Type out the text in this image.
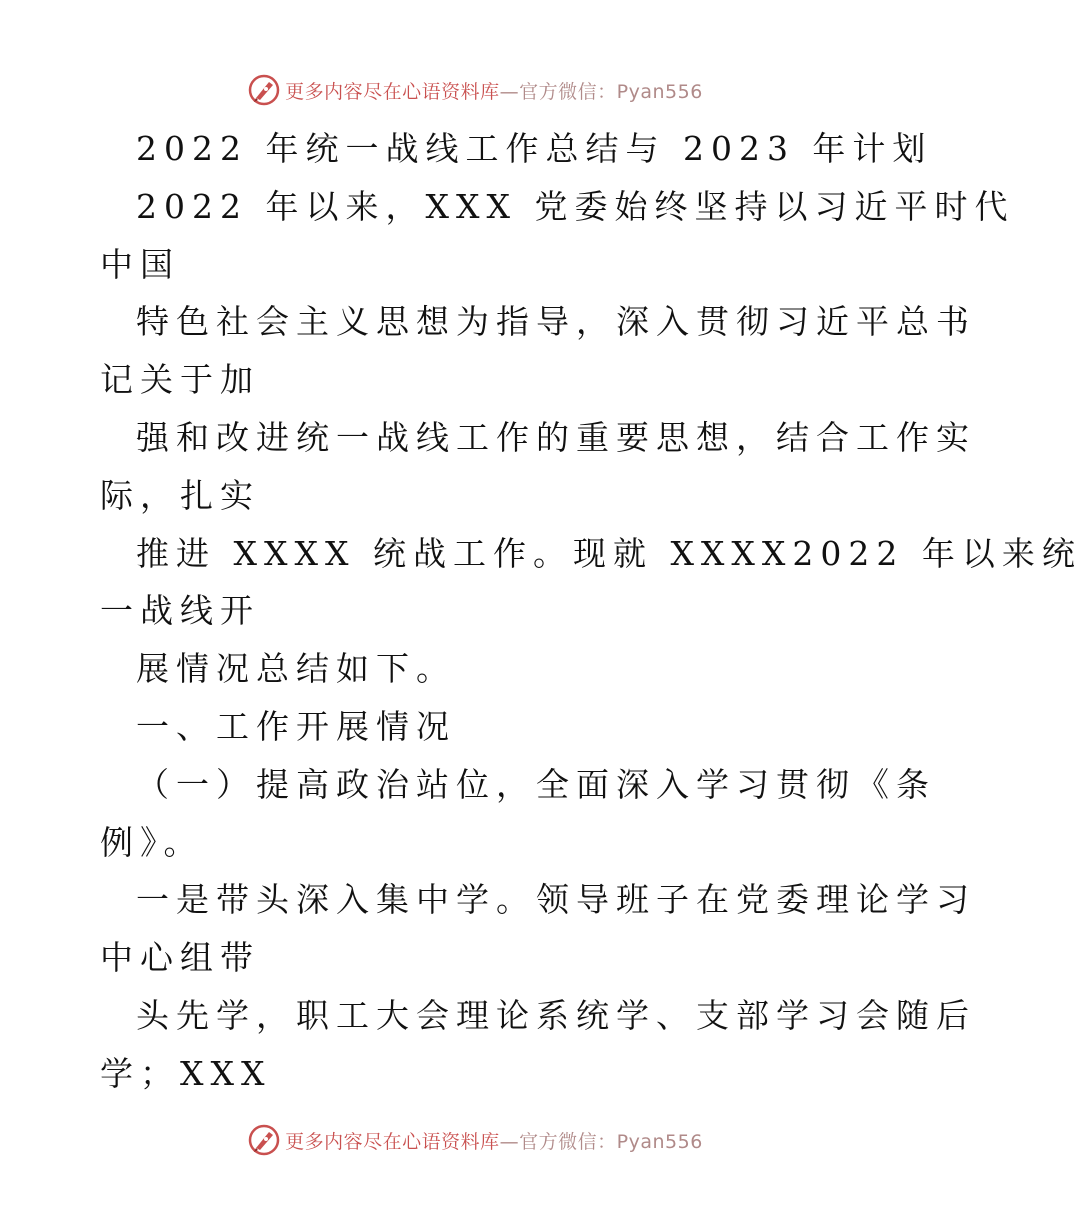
更多内容尽在心语资料库 —官方微信：Pyan556
2022 年统一战线工作总结与 2023 年计划
2022 年以来，XXX 党委始终坚持以习近平时代
中国
特色社会主义思想为指导，深入贯彻习近平总书
记关于加
强和改进统一战线工作的重要思想，结合工作实
际，扎实
推进 XXXX 统战工作。现就 XXXX2022 年以来统
一战线开
展情况总结如下。
一、工作开展情况
（一）提高政治站位，全面深入学习贯彻《条
例》。
一是带头深入集中学。领导班子在党委理论学习
中心组带
头先学，职工大会理论系统学、支部学习会随后
学；XXX
更多内容尽在心语资料库 —官方微信：Pyan556
